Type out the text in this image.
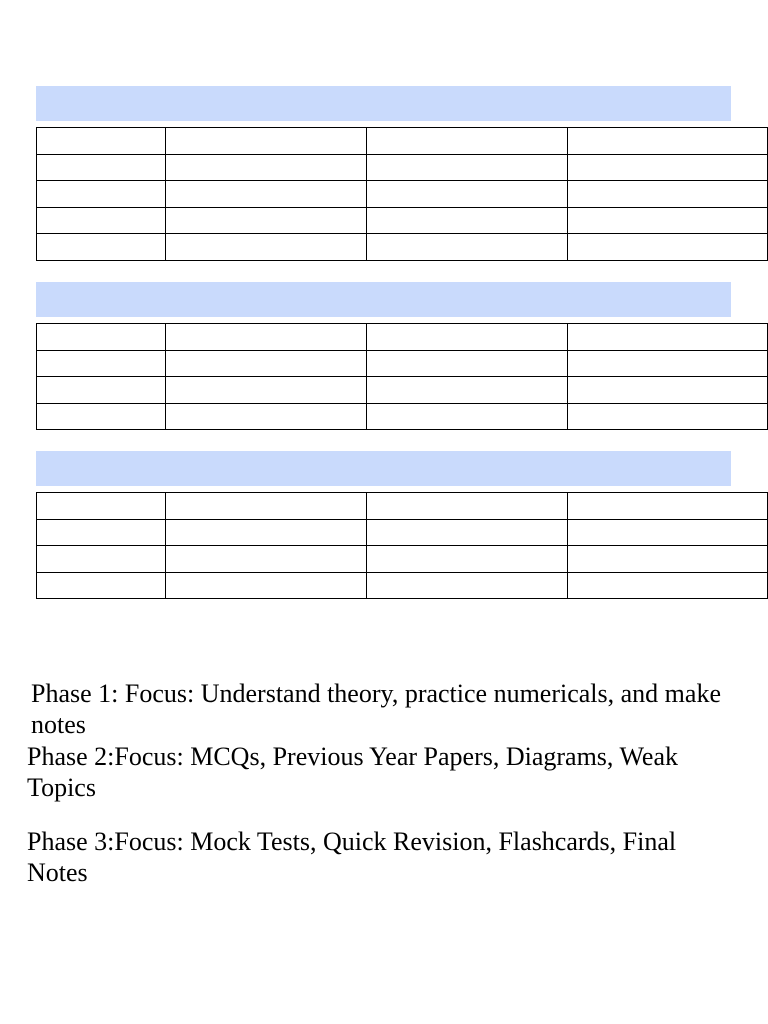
Phase 1: Focus: Understand theory, practice numericals, and make notes

Phase 2:Focus: MCQs, Previous Year Papers, Diagrams, Weak Topics

Phase 3:Focus: Mock Tests, Quick Revision, Flashcards, Final Notes
